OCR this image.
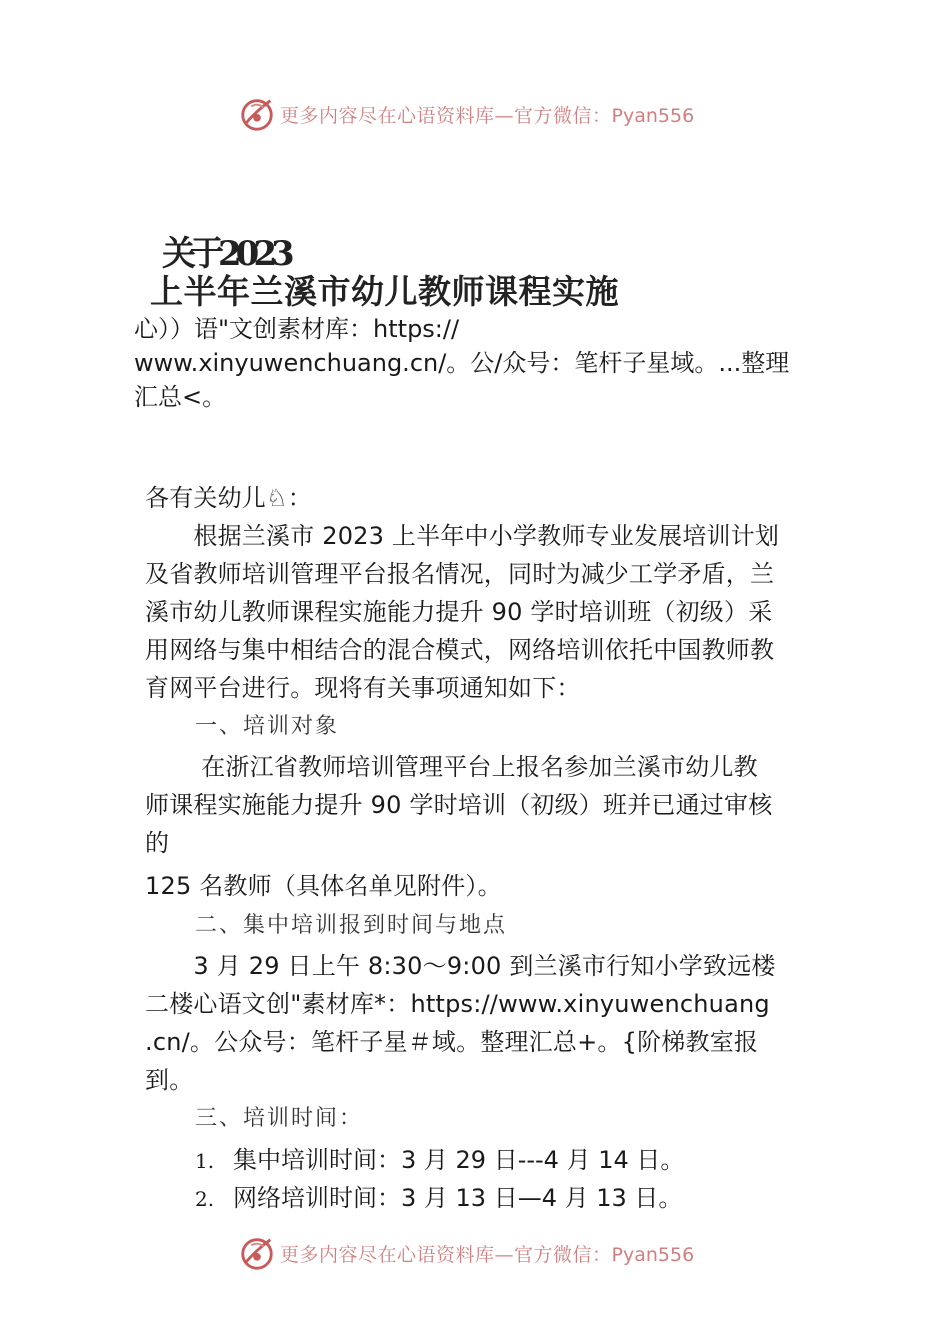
更多内容尽在心语资料库—官方微信：Pyan556
关于2023
上半年兰溪市幼儿教师课程实施
心））语"文创素材库：https://
www.xinyuwenchuang.cn/。公/众号：笔杆子星域。...整理
汇总<。
各有关幼儿♘：
　　根据兰溪市 2023 上半年中小学教师专业发展培训计划
及省教师培训管理平台报名情况，同时为减少工学矛盾，兰
溪市幼儿教师课程实施能力提升 90 学时培训班（初级）采
用网络与集中相结合的混合模式，网络培训依托中国教师教
育网平台进行。现将有关事项通知如下：
一、培训对象
　　 在浙江省教师培训管理平台上报名参加兰溪市幼儿教
师课程实施能力提升 90 学时培训（初级）班并已通过审核
的
125 名教师（具体名单见附件）。
二、集中培训报到时间与地点
　　3 月 29 日上午 8:30～9:00 到兰溪市行知小学致远楼
二楼心语文创"素材库*：https://www.xinyuwenchuang
.cn/。公众号：笔杆子星＃域。整理汇总+。{阶梯教室报
到。
三、培训时间：
1. 集中培训时间：3 月 29 日---4 月 14 日。
2. 网络培训时间：3 月 13 日—4 月 13 日。
更多内容尽在心语资料库—官方微信：Pyan556
